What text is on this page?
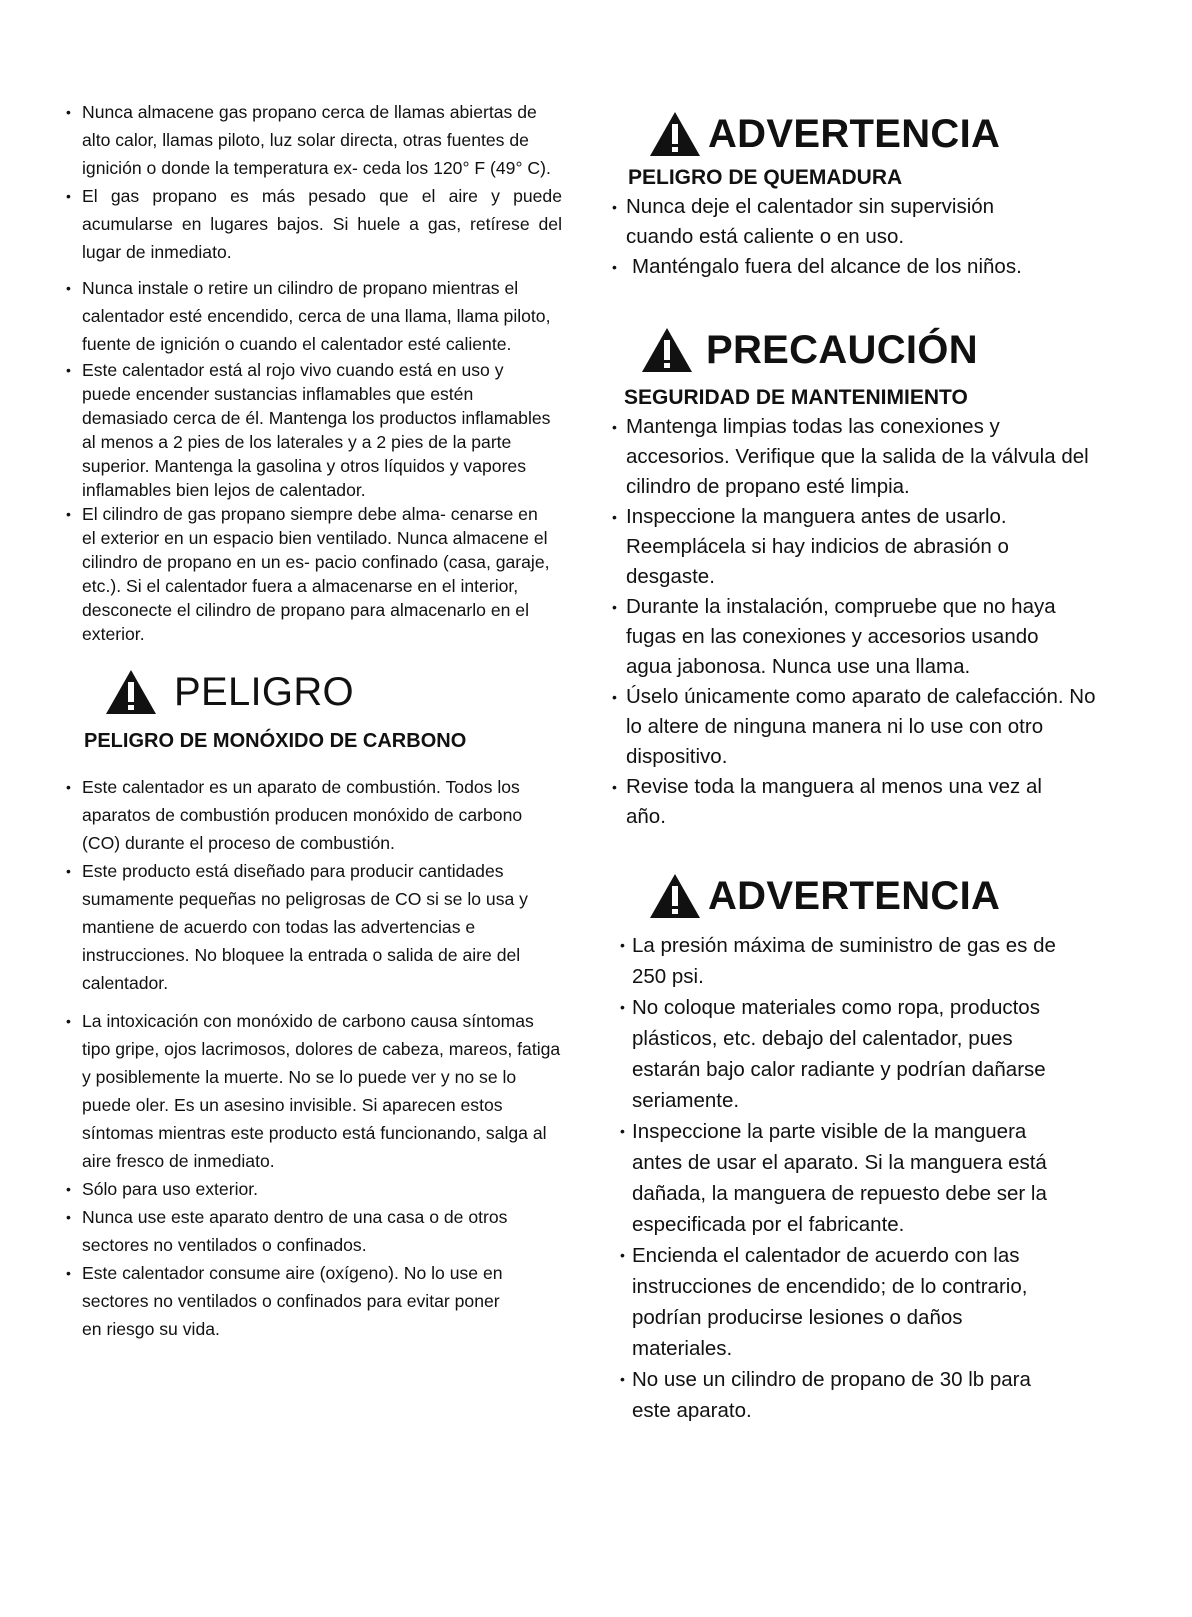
• Nunca almacene gas propano cerca de llamas abiertas de alto calor, llamas piloto, luz solar directa, otras fuentes de ignición o donde la temperatura ex- ceda los 120° F (49° C).

• El gas propano es más pesado que el aire y puede acumularse en lugares bajos. Si huele a gas, retírese del lugar de inmediato.

• Nunca instale o retire un cilindro de propano mientras el calentador esté encendido, cerca de una llama, llama piloto, fuente de ignición o cuando el calentador esté caliente.

• Este calentador está al rojo vivo cuando está en uso y puede encender sustancias inflamables que estén demasiado cerca de él. Mantenga los productos inflamables al menos a 2 pies de los laterales y a 2 pies de la parte superior. Mantenga la gasolina y otros líquidos y vapores inflamables bien lejos de calentador.

• El cilindro de gas propano siempre debe alma- cenarse en el exterior en un espacio bien ventilado. Nunca almacene el cilindro de propano en un es- pacio confinado (casa, garaje, etc.). Si el calentador fuera a almacenarse en el interior, desconecte el cilindro de propano para almacenarlo en el exterior.

PELIGRO
PELIGRO DE MONÓXIDO DE CARBONO

• Este calentador es un aparato de combustión. Todos los aparatos de combustión producen monóxido de carbono (CO) durante el proceso de combustión.

• Este producto está diseñado para producir cantidades sumamente pequeñas no peligrosas de CO si se lo usa y mantiene de acuerdo con todas las advertencias e instrucciones. No bloquee la entrada o salida de aire del calentador.

• La intoxicación con monóxido de carbono causa síntomas tipo gripe, ojos lacrimosos, dolores de cabeza, mareos, fatiga y posiblemente la muerte. No se lo puede ver y no se lo puede oler. Es un asesino invisible. Si aparecen estos síntomas mientras este producto está funcionando, salga al aire fresco de inmediato.

• Sólo para uso exterior.

• Nunca use este aparato dentro de una casa o de otros sectores no ventilados o confinados.

• Este calentador consume aire (oxígeno). No lo use en sectores no ventilados o confinados para evitar poner en riesgo su vida.

ADVERTENCIA
PELIGRO DE QUEMADURA
• Nunca deje el calentador sin supervisión cuando está caliente o en uso.
• Manténgalo fuera del alcance de los niños.
PRECAUCIÓN
SEGURIDAD DE MANTENIMIENTO
• Mantenga limpias todas las conexiones y accesorios. Verifique que la salida de la válvula del cilindro de propano esté limpia.
• Inspeccione la manguera antes de usarlo. Reemplácela si hay indicios de abrasión o desgaste.
• Durante la instalación, compruebe que no haya fugas en las conexiones y accesorios usando agua jabonosa. Nunca use una llama.
• Úselo únicamente como aparato de calefacción. No lo altere de ninguna manera ni lo use con otro dispositivo.
• Revise toda la manguera al menos una vez al año.
ADVERTENCIA
• La presión máxima de suministro de gas es de 250 psi.
• No coloque materiales como ropa, productos plásticos, etc. debajo del calentador, pues estarán bajo calor radiante y podrían dañarse seriamente.
• Inspeccione la parte visible de la manguera antes de usar el aparato. Si la manguera está dañada, la manguera de repuesto debe ser la especificada por el fabricante.
• Encienda el calentador de acuerdo con las instrucciones de encendido; de lo contrario, podrían producirse lesiones o daños materiales.
• No use un cilindro de propano de 30 lb para este aparato.
